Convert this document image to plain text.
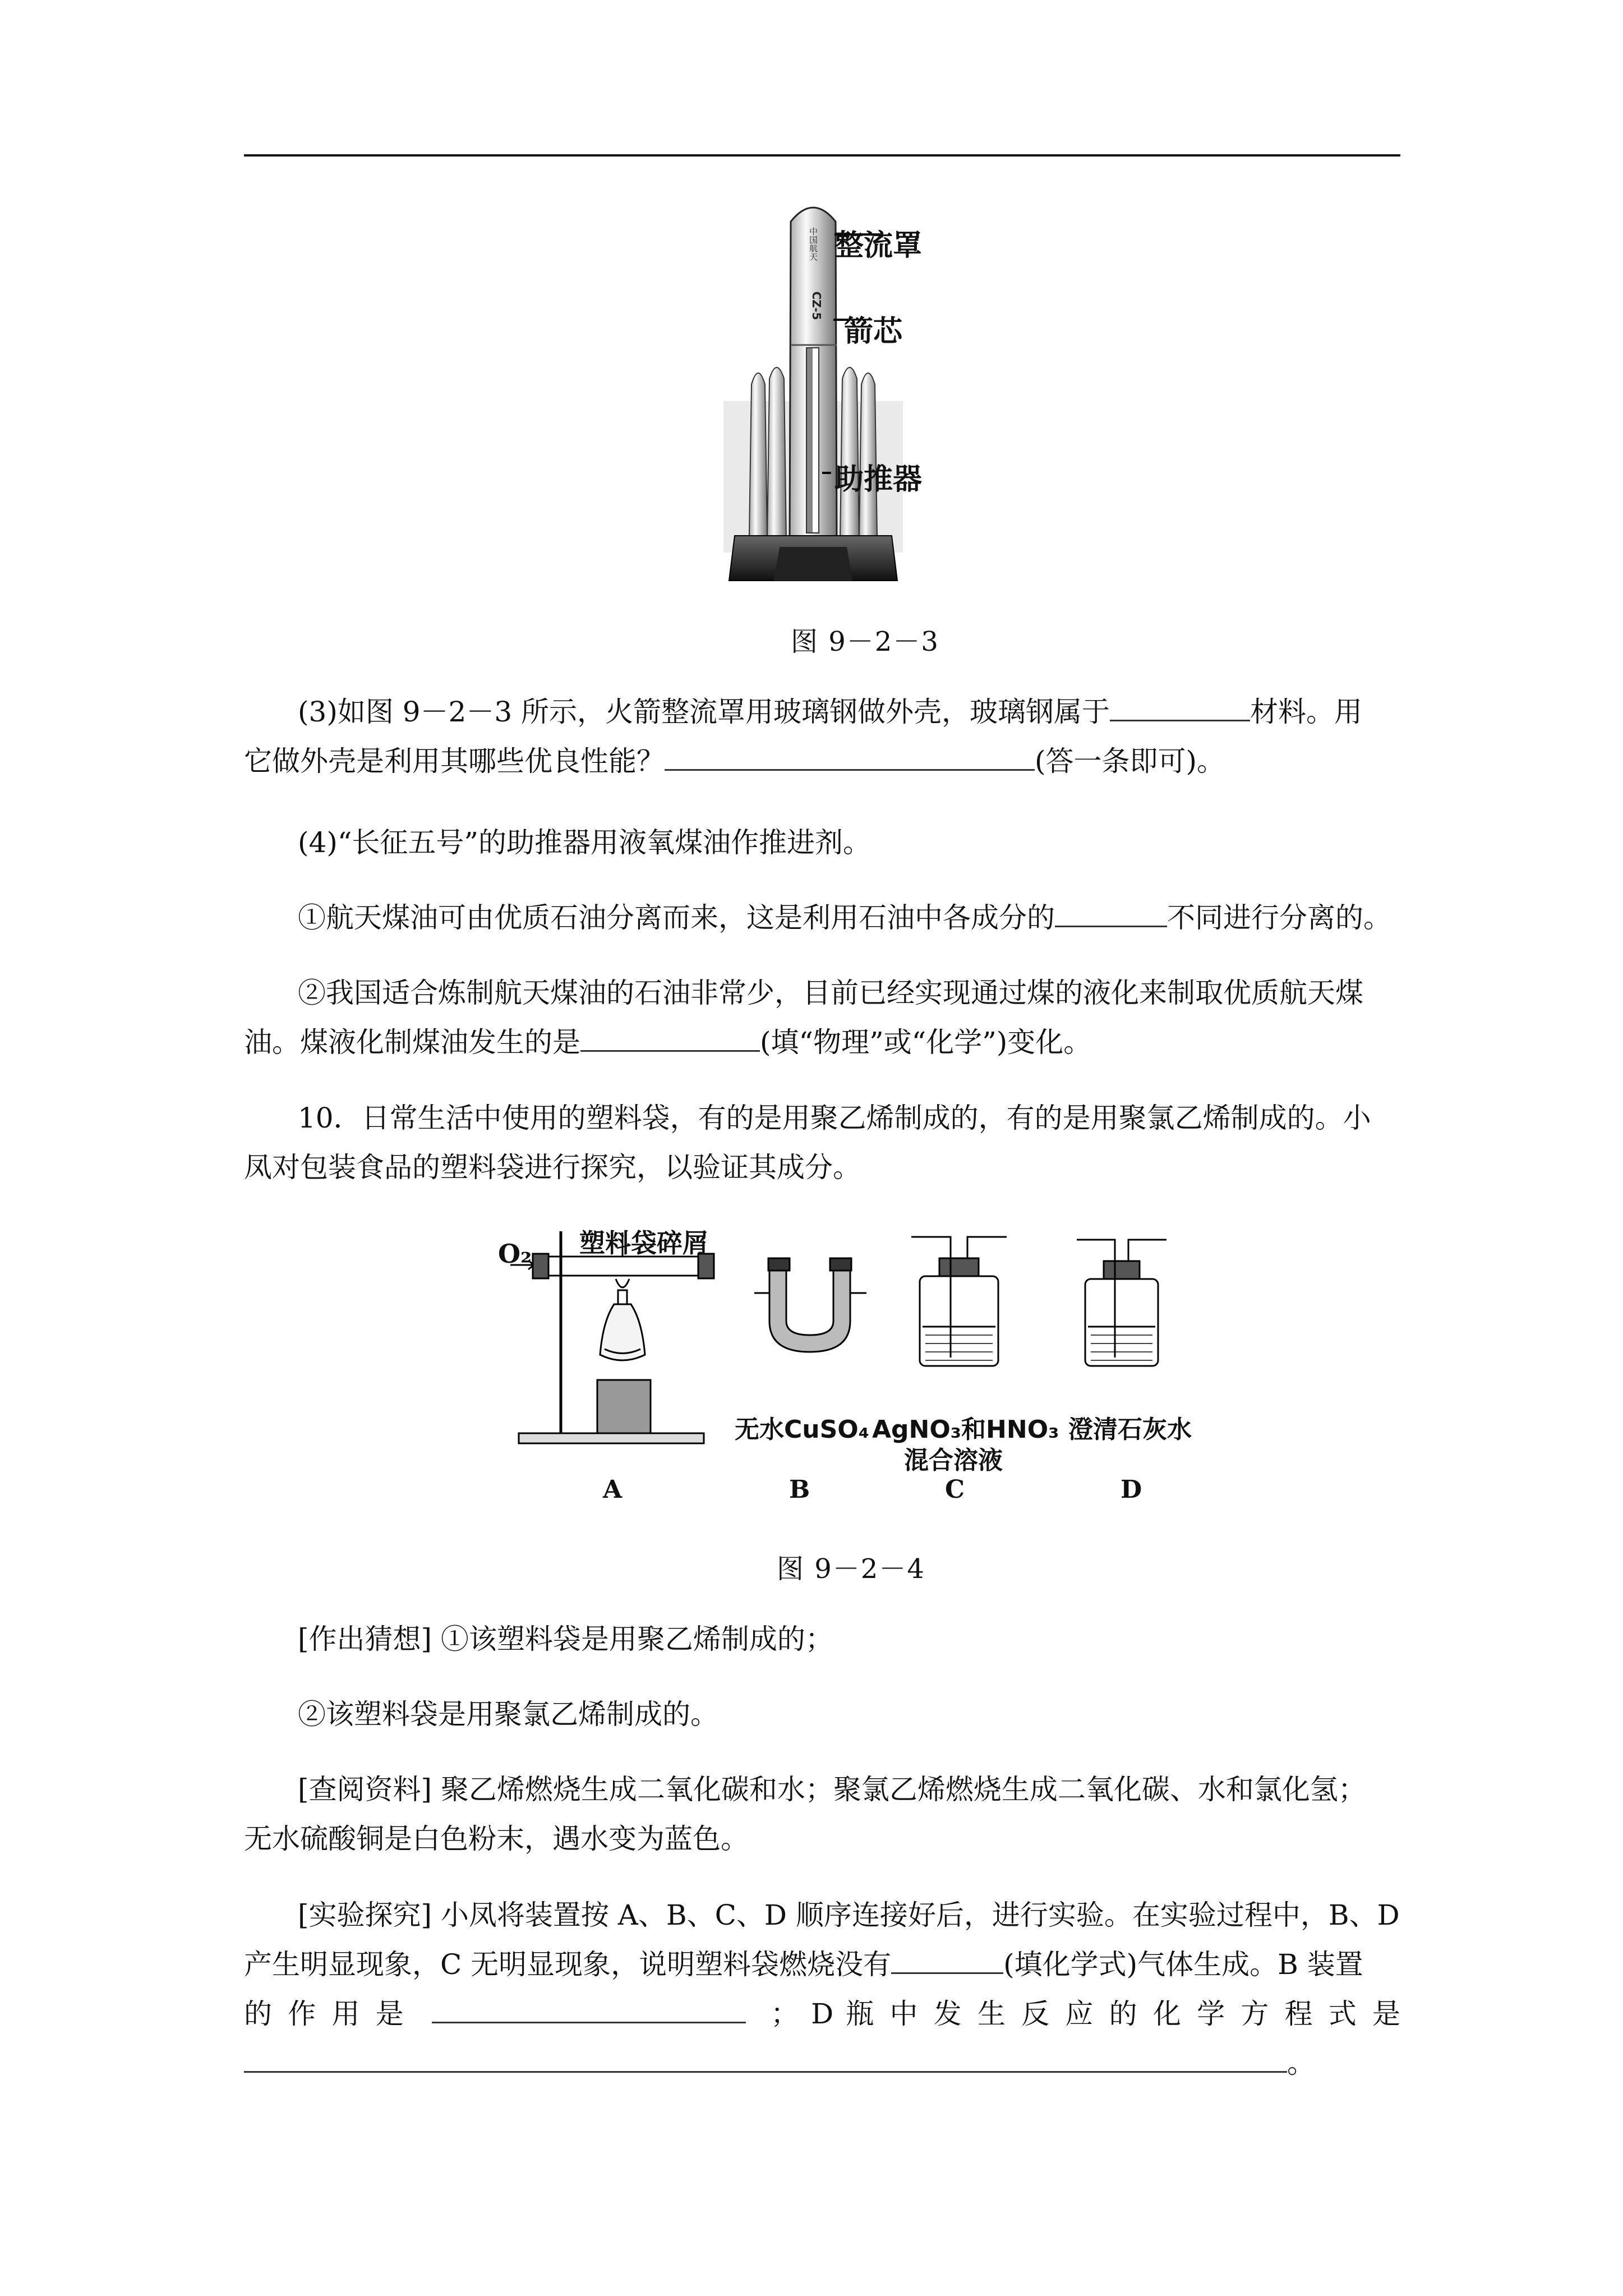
中国航天
CZ-5
整流罩
箭芯
助推器
图 9－2－3
(3)如图 9－2－3 所示，火箭整流罩用玻璃钢做外壳，玻璃钢属于	材料。用
它做外壳是利用其哪些优良性能？	(答一条即可)。
(4)“长征五号”的助推器用液氧煤油作推进剂。
①航天煤油可由优质石油分离而来，这是利用石油中各成分的	不同进行分离的。
②我国适合炼制航天煤油的石油非常少，目前已经实现通过煤的液化来制取优质航天煤
油。煤液化制煤油发生的是	(填“物理”或“化学”)变化。
10．日常生活中使用的塑料袋，有的是用聚乙烯制成的，有的是用聚氯乙烯制成的。小
凤对包装食品的塑料袋进行探究，以验证其成分。
O₂ 塑料袋碎屑
无水CuSO₄ AgNO₃和HNO₃
混合溶液
澄清石灰水
A	B	C	D
图 9－2－4
[作出猜想] ①该塑料袋是用聚乙烯制成的；
②该塑料袋是用聚氯乙烯制成的。
[查阅资料] 聚乙烯燃烧生成二氧化碳和水；聚氯乙烯燃烧生成二氧化碳、水和氯化氢；
无水硫酸铜是白色粉末，遇水变为蓝色。
[实验探究] 小凤将装置按 A、B、C、D 顺序连接好后，进行实验。在实验过程中，B、D
产生明显现象，C 无明显现象，说明塑料袋燃烧没有	(填化学式)气体生成。B 装置
的 作 用 是	； D 瓶 中 发 生 反 应 的 化 学 方 程 式 是
。
